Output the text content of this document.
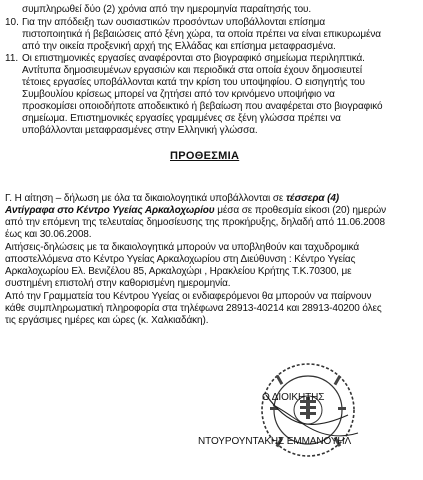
συμπληρωθεί δύο (2) χρόνια από την ημερομηνία παραίτησής του.
10. Για την απόδειξη των ουσιαστικών προσόντων υποβάλλονται επίσημα
πιστοποιητικά ή βεβαιώσεις από ξένη χώρα, τα οποία πρέπει να είναι επικυρωμένα
από την οικεία προξενική αρχή της Ελλάδας και επίσημα μεταφρασμένα.
11. Οι επιστημονικές εργασίες αναφέρονται στο βιογραφικό σημείωμα περιληπτικά.
Αντίτυπα δημοσιευμένων εργασιών και περιοδικά στα οποία έχουν δημοσιευτεί
τέτοιες εργασίες υποβάλλονται κατά την κρίση του υποψηφίου. Ο εισηγητής του
Συμβουλίου κρίσεως μπορεί να ζητήσει από τον κρινόμενο υποψήφιο να
προσκομίσει οποιοδήποτε αποδεικτικό ή βεβαίωση που αναφέρεται στο βιογραφικό
σημείωμα. Επιστημονικές εργασίες γραμμένες σε ξένη γλώσσα πρέπει να
υποβάλλονται μεταφρασμένες στην Ελληνική γλώσσα.
ΠΡΟΘΕΣΜΙΑ
Γ. Η αίτηση – δήλωση με όλα τα δικαιολογητικά υποβάλλονται σε τέσσερα (4)
Αντίγραφα στο Κέντρο Υγείας Αρκαλοχωρίου μέσα σε προθεσμία είκοσι (20) ημερών
από την επόμενη της τελευταίας δημοσίευσης της προκήρυξης, δηλαδή από 11.06.2008
έως και 30.06.2008.
Αιτήσεις-δηλώσεις με τα δικαιολογητικά μπορούν να υποβληθούν και ταχυδρομικά
αποστελλόμενα στο Κέντρο Υγείας Αρκαλοχωρίου στη Διεύθυνση : Κέντρο Υγείας
Αρκαλοχωρίου Ελ. Βενιζέλου 85, Αρκαλοχώρι , Ηρακλείου Κρήτης Τ.Κ.70300, με
συστημένη επιστολή στην καθορισμένη ημερομηνία.
Από την Γραμματεία του Κέντρου Υγείας οι ενδιαφερόμενοι θα μπορούν να παίρνουν
κάθε συμπληρωματική πληροφορία στα τηλέφωνα 28913-40214 και 28913-40200 όλες
τις εργάσιμες ημέρες και ώρες (κ. Χαλκιαδάκη).
Ο ΔΙΟΙΚΗΤΗΣ
ΝΤΟΥΡΟΥΝΤΑΚΗΣ ΕΜΜΑΝΟΥΗΛ
